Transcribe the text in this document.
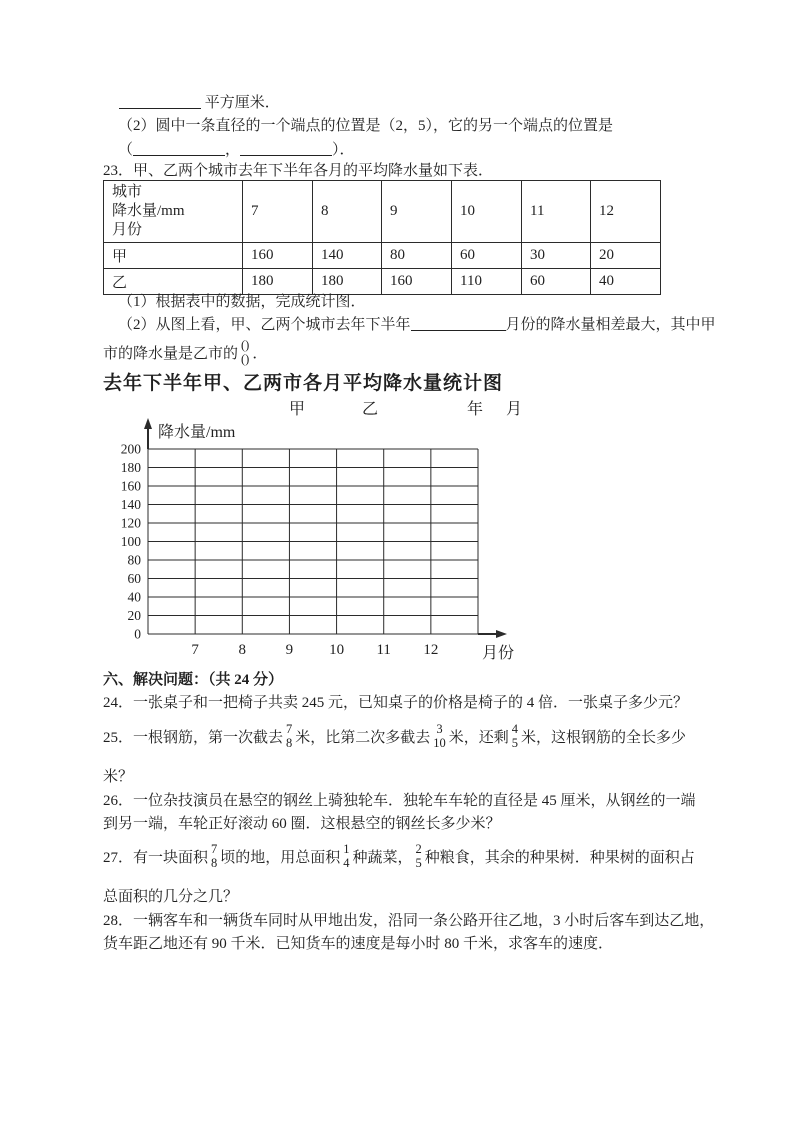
平方厘米．
（2）圆中一条直径的一个端点的位置是（2，5），它的另一个端点的位置是
（	，	）．
23．甲、乙两个城市去年下半年各月的平均降水量如下表．
城市
降水量/mm
月份	7	8	9	10	11	12
甲	160	140	80	60	30	20
乙	180	180	160	110	60	40
（1）根据表中的数据，完成统计图．
（2）从图上看，甲、乙两个城市去年下半年	月份的降水量相差最大，其中甲
市的降水量是乙市的
()
() ．
去年下半年甲、乙两市各月平均降水量统计图
甲	乙	年 月
200
180
160
140
120
100
80
60
40
20
0
7	8	9 10 11 12
降水量/mm
月份
六、解决问题：（共 24 分）
24．一张桌子和一把椅子共卖 245 元，已知桌子的价格是椅子的 4 倍．一张桌子多少元？
25．一根钢筋，第一次截去
7
8 米，比第二次多截去
3
10 米，还剩
4
5 米，这根钢筋的全长多少
米？
26．一位杂技演员在悬空的钢丝上骑独轮车．独轮车车轮的直径是 45 厘米，从钢丝的一端
到另一端，车轮正好滚动 60 圈．这根悬空的钢丝长多少米？
27．有一块面积
7
8 顷的地，用总面积
1
4 种蔬菜，
2
5 种粮食，其余的种果树．种果树的面积占
总面积的几分之几？
28．一辆客车和一辆货车同时从甲地出发，沿同一条公路开往乙地，3 小时后客车到达乙地，
货车距乙地还有 90 千米．已知货车的速度是每小时 80 千米，求客车的速度．
